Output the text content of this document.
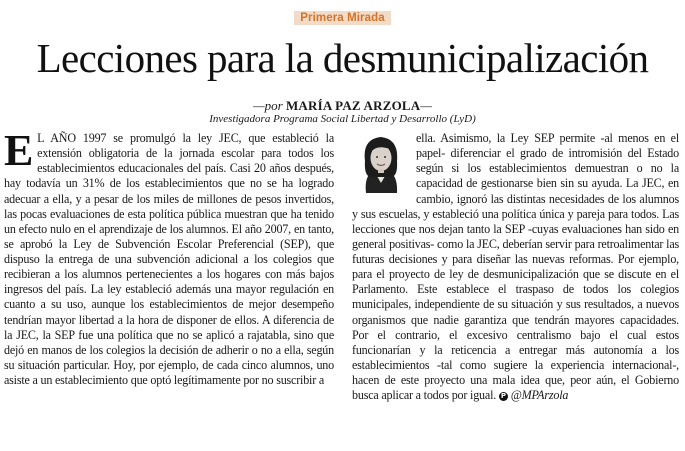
Primera Mirada
Lecciones para la desmunicipalización
—por MARÍA PAZ ARZOLA—
Investigadora Programa Social Libertad y Desarrollo (LyD)
E L AÑO 1997 se promulgó la ley JEC, que estableció la extensión obligatoria de la jornada escolar para todos los establecimientos educacionales del país. Casi 20 años después, hay todavía un 31% de los establecimientos que no se ha logrado adecuar a ella, y a pesar de los miles de millones de pesos invertidos, las pocas evaluaciones de esta política pública muestran que ha tenido un efecto nulo en el aprendizaje de los alumnos. El año 2007, en tanto, se aprobó la Ley de Subvención Escolar Preferencial (SEP), que dispuso la entrega de una subvención adicional a los colegios que recibieran a los alumnos pertenecientes a los hogares con más bajos ingresos del país. La ley estableció además una mayor regulación en cuanto a su uso, aunque los establecimientos de mejor desempeño tendrían mayor libertad a la hora de disponer de ellos. A diferencia de la JEC, la SEP fue una política que no se aplicó a rajatabla, sino que dejó en manos de los colegios la decisión de adherir o no a ella, según su situación particular. Hoy, por ejemplo, de cada cinco alumnos, uno asiste a un establecimiento que optó legítimamente por no suscribir a

ella. Asimismo, la Ley SEP permite -al menos en el papel- diferenciar el grado de intromisión del Estado según si los establecimientos demuestran o no la capacidad de gestionarse bien sin su ayuda. La JEC, en cambio, ignoró las distintas necesidades de los alumnos y sus escuelas, y estableció una política única y pareja para todos. Las lecciones que nos dejan tanto la SEP -cuyas evaluaciones han sido en general positivas- como la JEC, deberían servir para retroalimentar las futuras decisiones y para diseñar las nuevas reformas. Por ejemplo, para el proyecto de ley de desmunicipalización que se discute en el Parlamento. Este establece el traspaso de todos los colegios municipales, independiente de su situación y sus resultados, a nuevos organismos que nadie garantiza que tendrán mayores capacidades. Por el contrario, el excesivo centralismo bajo el cual estos funcionarían y la reticencia a entregar más autonomía a los establecimientos -tal como sugiere la experiencia internacional-, hacen de este proyecto una mala idea que, peor aún, el Gobierno busca aplicar a todos por igual. P @MPArzola
